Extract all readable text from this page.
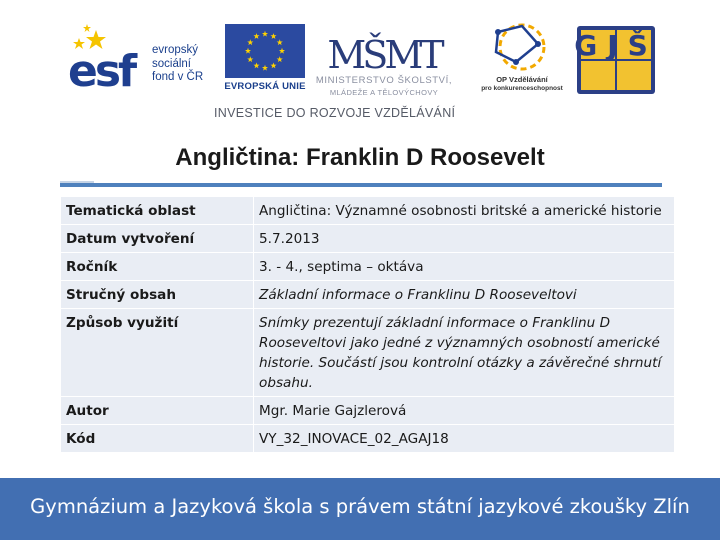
esf	evropský
sociální
fond v ČR
EVROPSKÁ UNIE
MŠMT
MINISTERSTVO ŠKOLSTVÍ,
MLÁDEŽE A TĚLOVÝCHOVY
OP Vzdělávání
pro konkurenceschopnost
GJŠ
INVESTICE DO ROZVOJE VZDĚLÁVÁNÍ
Angličtina: Franklin D Roosevelt
Tematická oblast	Angličtina: Významné osobnosti britské a americké historie
Datum vytvoření	5.7.2013
Ročník	3. - 4., septima – oktáva
Stručný obsah	Základní informace o Franklinu D Rooseveltovi
Způsob využití	Snímky prezentují základní informace o Franklinu D Rooseveltovi jako jedné z významných osobností americké historie. Součástí jsou kontrolní otázky a závěrečné shrnutí obsahu.
Autor	Mgr. Marie Gajzlerová
Kód	VY_32_INOVACE_02_AGAJ18
Gymnázium a Jazyková škola s právem státní jazykové zkoušky Zlín
